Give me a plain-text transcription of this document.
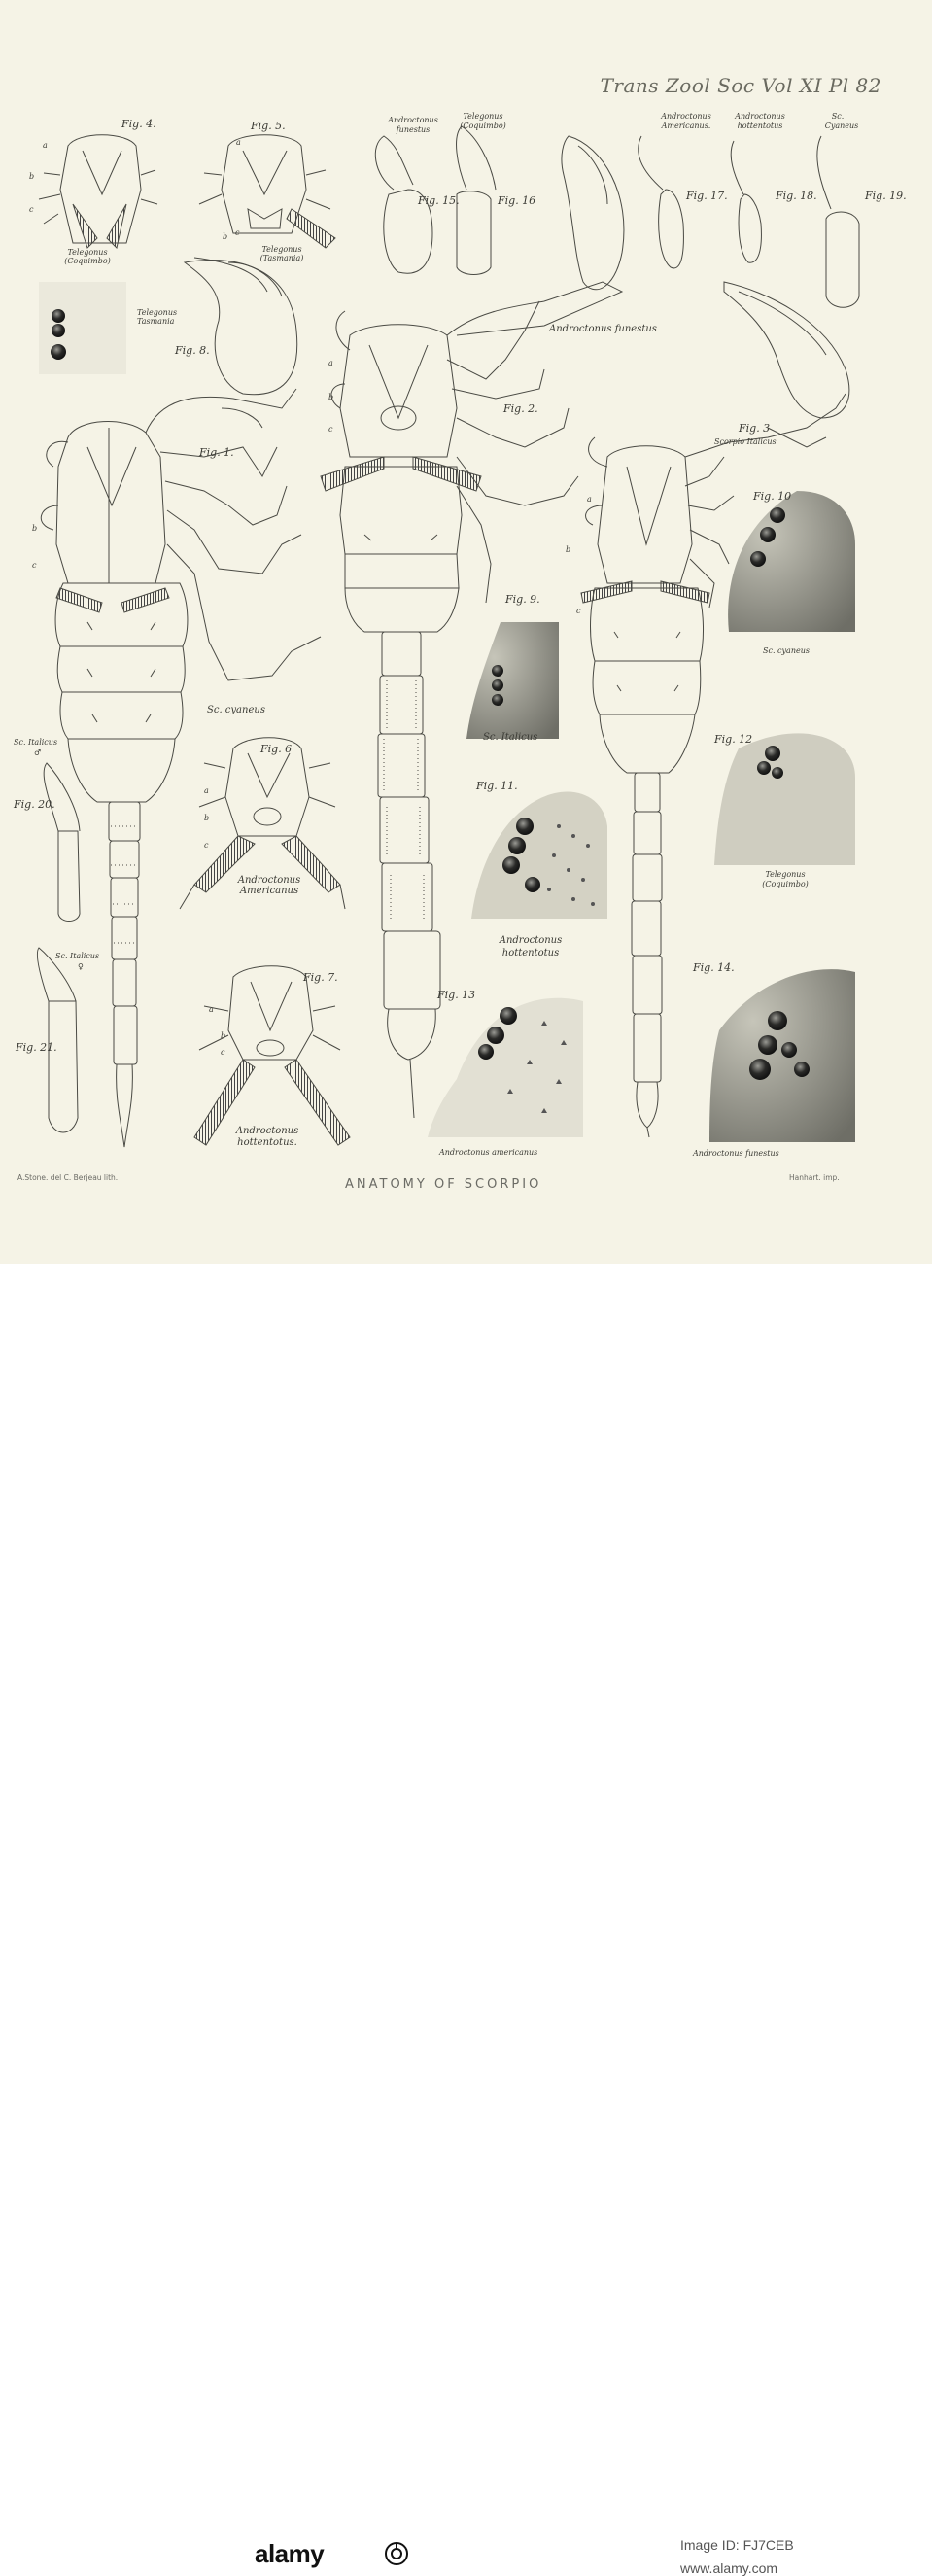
Trans Zool Soc Vol XI Pl 82
Fig. 4.	Fig. 5.
Fig. 1.
Fig. 2.
Fig. 3
Fig. 6
Fig. 7.
Fig. 8.
Fig. 9.
Fig. 10
Fig. 11.
Fig. 12
Fig. 13
Fig. 14.
Fig. 15.	Fig. 16	Fig. 17.	Fig. 18.	Fig. 19.
Fig. 20.
Fig. 21.
Telegonus
(Coquimbo)
Telegonus
(Tasmania)
Telegonus
Tasmania
Androctonus
funestus
Telegonus
(Coquimbo)
Androctonus
Americanus.
Androctonus
hottentotus
Sc.
Cyaneus
Androctonus funestus
Scorpio Italicus
Sc. cyaneus
Sc. Italicus
Sc. cyaneus
Telegonus
(Coquimbo)
Androctonus
hottentotus
Androctonus
Americanus
Androctonus
hottentotus.
Androctonus americanus	Androctonus funestus
Sc. Italicus
♂
Sc. Italicus
♀
a
b
c
a
b c
b
c
a
b
c
a
b
c
a
b
c
a
b
c
A.Stone. del C. Berjeau lith.	ANATOMY OF SCORPIO	Hanhart. imp.
alamy	Image ID: FJ7CEB
www.alamy.com
